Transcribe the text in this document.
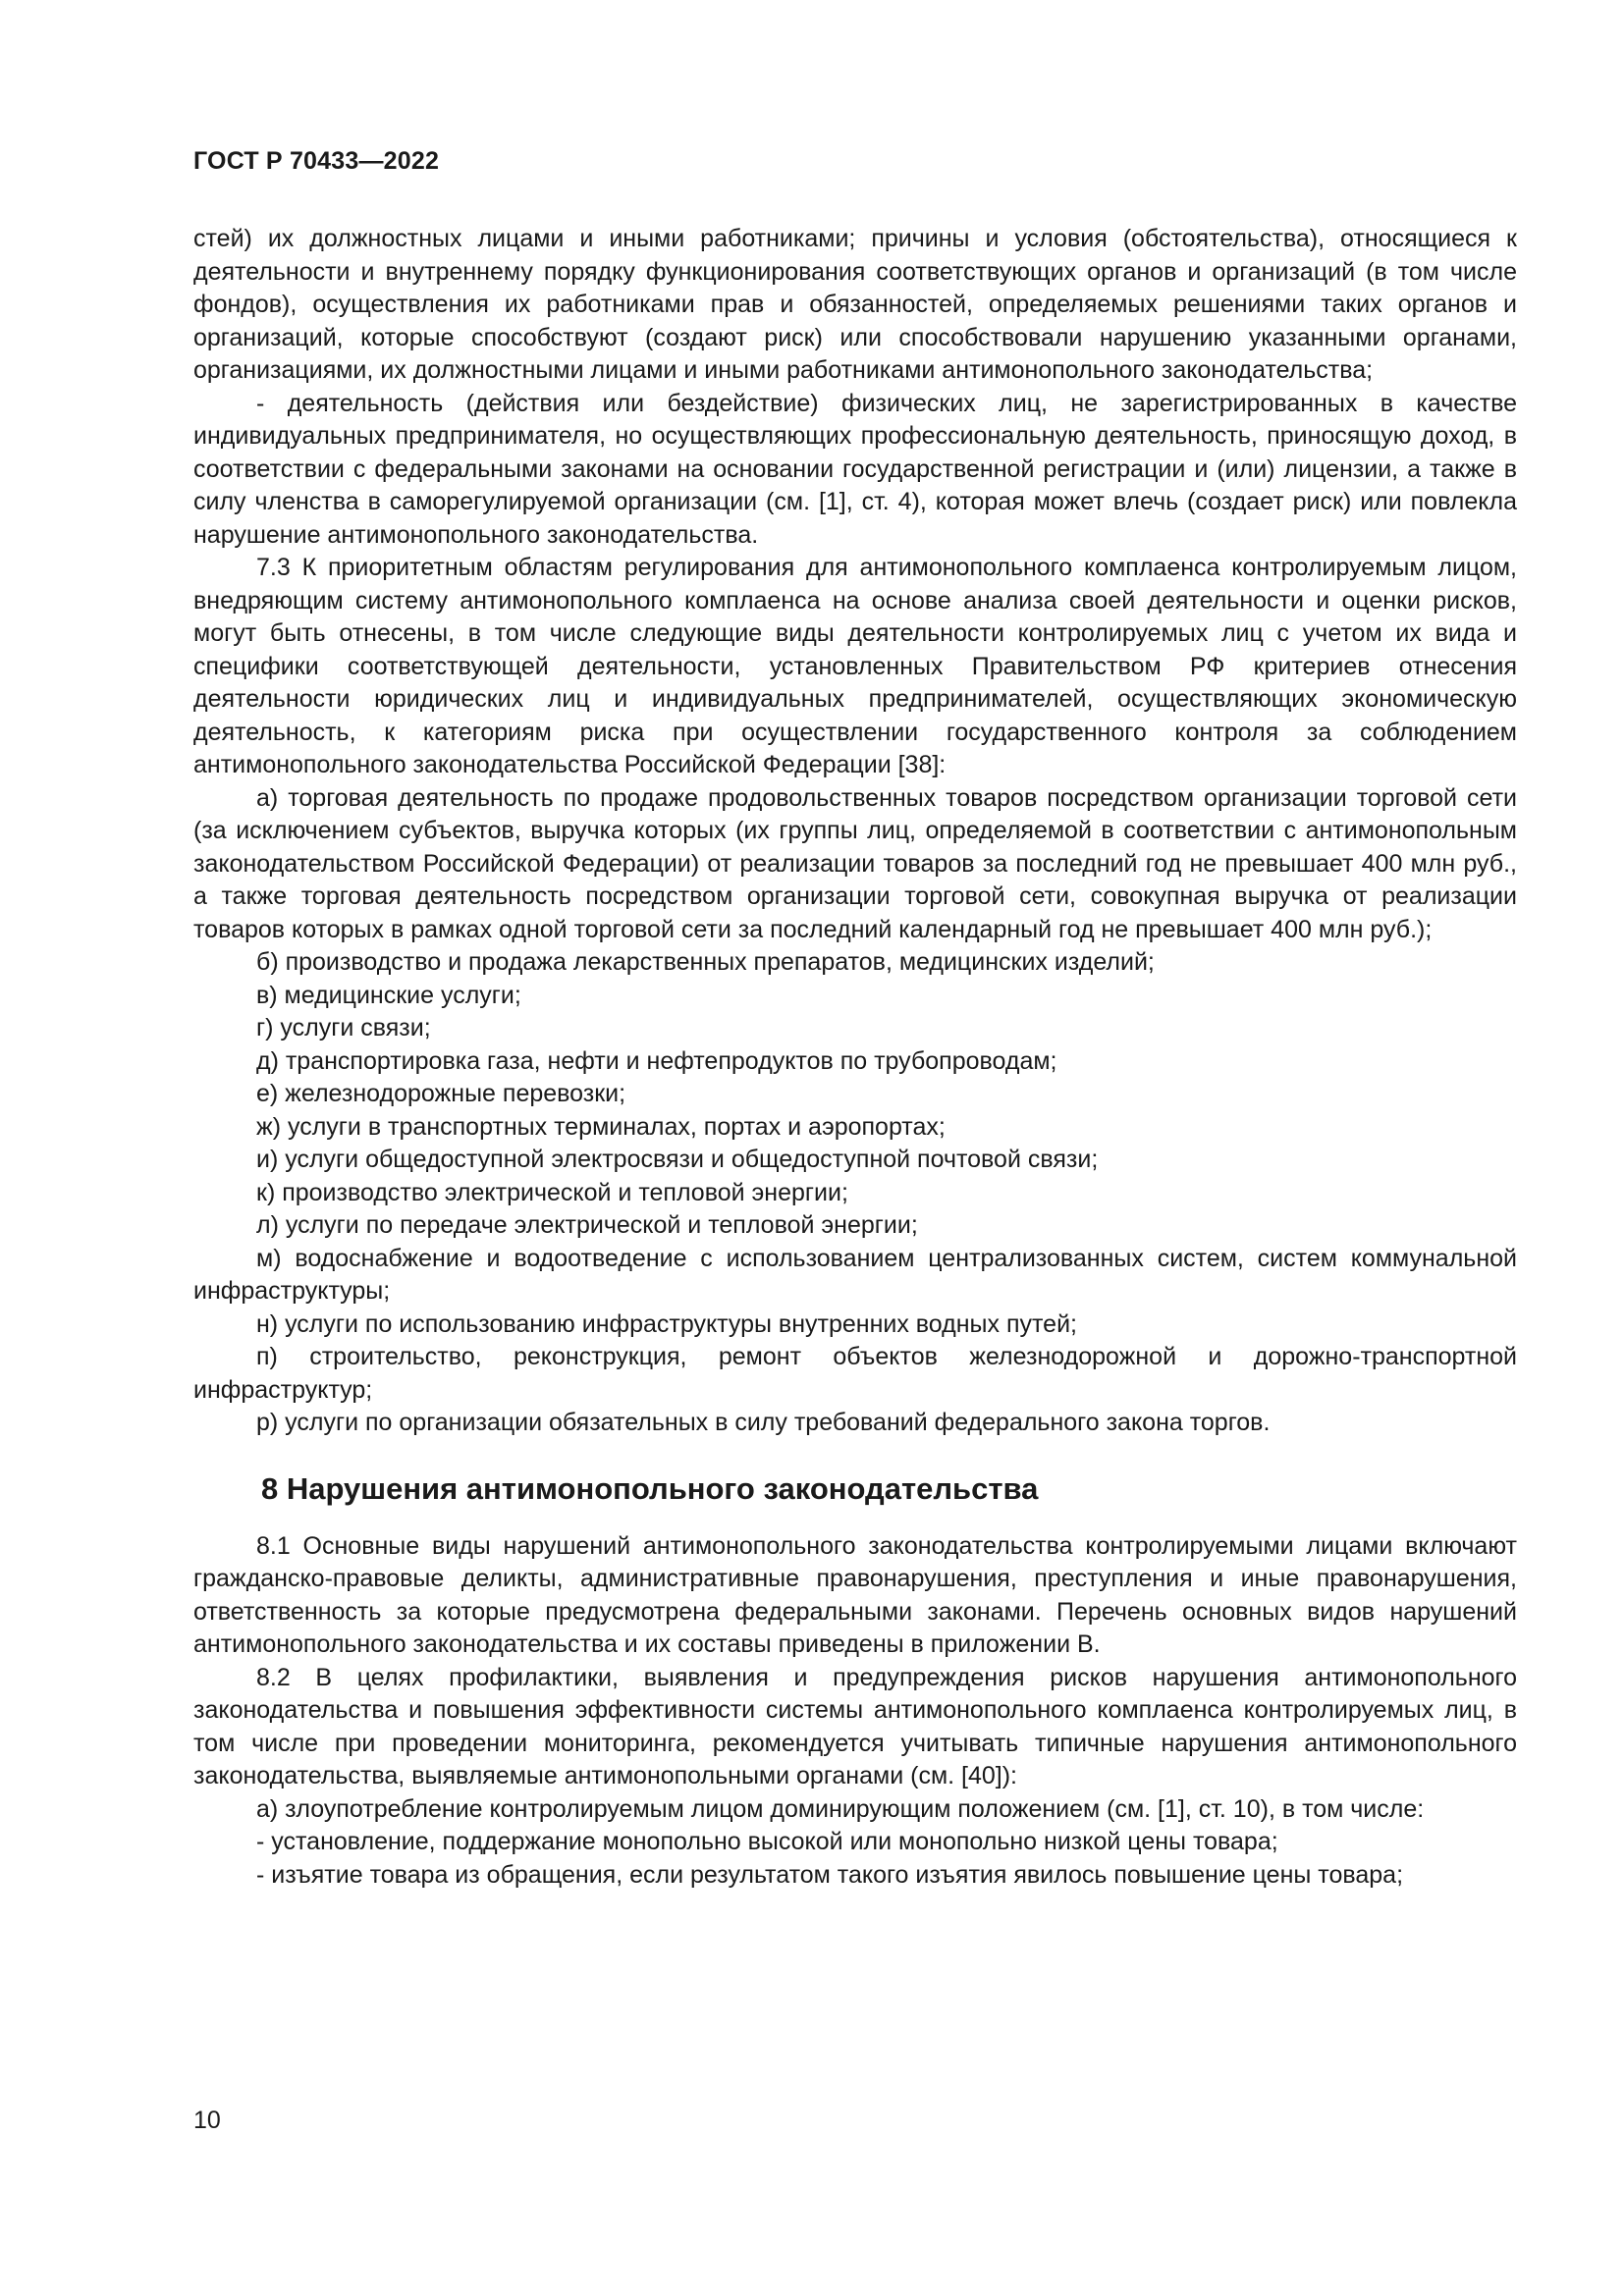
ГОСТ Р 70433—2022

стей) их должностных лицами и иными работниками; причины и условия (обстоятельства), относящиеся к деятельности и внутреннему порядку функционирования соответствующих органов и организаций (в том числе фондов), осуществления их работниками прав и обязанностей, определяемых решениями таких органов и организаций, которые способствуют (создают риск) или способствовали нарушению указанными органами, организациями, их должностными лицами и иными работниками антимонопольного законодательства;

- деятельность (действия или бездействие) физических лиц, не зарегистрированных в качестве индивидуальных предпринимателя, но осуществляющих профессиональную деятельность, приносящую доход, в соответствии с федеральными законами на основании государственной регистрации и (или) лицензии, а также в силу членства в саморегулируемой организации (см. [1], ст. 4), которая может влечь (создает риск) или повлекла нарушение антимонопольного законодательства.

7.3 К приоритетным областям регулирования для антимонопольного комплаенса контролируемым лицом, внедряющим систему антимонопольного комплаенса на основе анализа своей деятельности и оценки рисков, могут быть отнесены, в том числе следующие виды деятельности контролируемых лиц с учетом их вида и специфики соответствующей деятельности, установленных Правительством РФ критериев отнесения деятельности юридических лиц и индивидуальных предпринимателей, осуществляющих экономическую деятельность, к категориям риска при осуществлении государственного контроля за соблюдением антимонопольного законодательства Российской Федерации [38]:

а) торговая деятельность по продаже продовольственных товаров посредством организации торговой сети (за исключением субъектов, выручка которых (их группы лиц, определяемой в соответствии с антимонопольным законодательством Российской Федерации) от реализации товаров за последний год не превышает 400 млн руб., а также торговая деятельность посредством организации торговой сети, совокупная выручка от реализации товаров которых в рамках одной торговой сети за последний календарный год не превышает 400 млн руб.);

б) производство и продажа лекарственных препаратов, медицинских изделий;

в) медицинские услуги;

г) услуги связи;

д) транспортировка газа, нефти и нефтепродуктов по трубопроводам;

е) железнодорожные перевозки;

ж) услуги в транспортных терминалах, портах и аэропортах;

и) услуги общедоступной электросвязи и общедоступной почтовой связи;

к) производство электрической и тепловой энергии;

л) услуги по передаче электрической и тепловой энергии;

м) водоснабжение и водоотведение с использованием централизованных систем, систем коммунальной инфраструктуры;

н) услуги по использованию инфраструктуры внутренних водных путей;

п) строительство, реконструкция, ремонт объектов железнодорожной и дорожно-транспортной инфраструктур;

р) услуги по организации обязательных в силу требований федерального закона торгов.

8 Нарушения антимонопольного законодательства

8.1 Основные виды нарушений антимонопольного законодательства контролируемыми лицами включают гражданско-правовые деликты, административные правонарушения, преступления и иные правонарушения, ответственность за которые предусмотрена федеральными законами. Перечень основных видов нарушений антимонопольного законодательства и их составы приведены в приложении В.

8.2 В целях профилактики, выявления и предупреждения рисков нарушения антимонопольного законодательства и повышения эффективности системы антимонопольного комплаенса контролируемых лиц, в том числе при проведении мониторинга, рекомендуется учитывать типичные нарушения антимонопольного законодательства, выявляемые антимонопольными органами (см. [40]):

а) злоупотребление контролируемым лицом доминирующим положением (см. [1], ст. 10), в том числе:

- установление, поддержание монопольно высокой или монопольно низкой цены товара;

- изъятие товара из обращения, если результатом такого изъятия явилось повышение цены товара;

10
